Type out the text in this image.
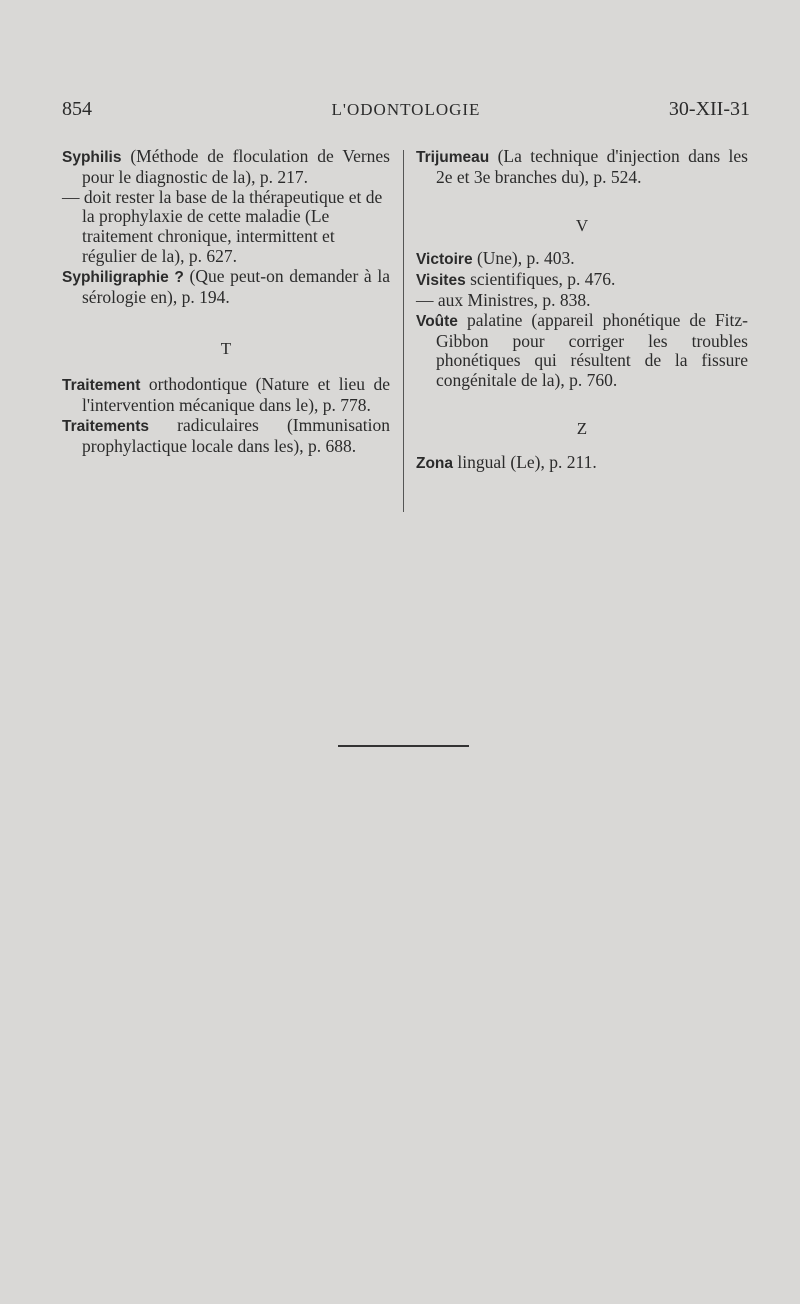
854	L'ODONTOLOGIE	30-XII-31

Syphilis (Méthode de floculation de Vernes pour le diagnostic de la), p. 217.

— doit rester la base de la thérapeutique et de la prophylaxie de cette maladie (Le traitement chronique, intermittent et régulier de la), p. 627.

Syphiligraphie ? (Que peut-on demander à la sérologie en), p. 194.

T

Traitement orthodontique (Nature et lieu de l'intervention mécanique dans le), p. 778.

Traitements radiculaires (Immunisation prophylactique locale dans les), p. 688.

Trijumeau (La technique d'injection dans les 2e et 3e branches du), p. 524.

V

Victoire (Une), p. 403.

Visites scientifiques, p. 476.

— aux Ministres, p. 838.

Voûte palatine (appareil phonétique de Fitz-Gibbon pour corriger les troubles phonétiques qui résultent de la fissure congénitale de la), p. 760.

Z

Zona lingual (Le), p. 211.
